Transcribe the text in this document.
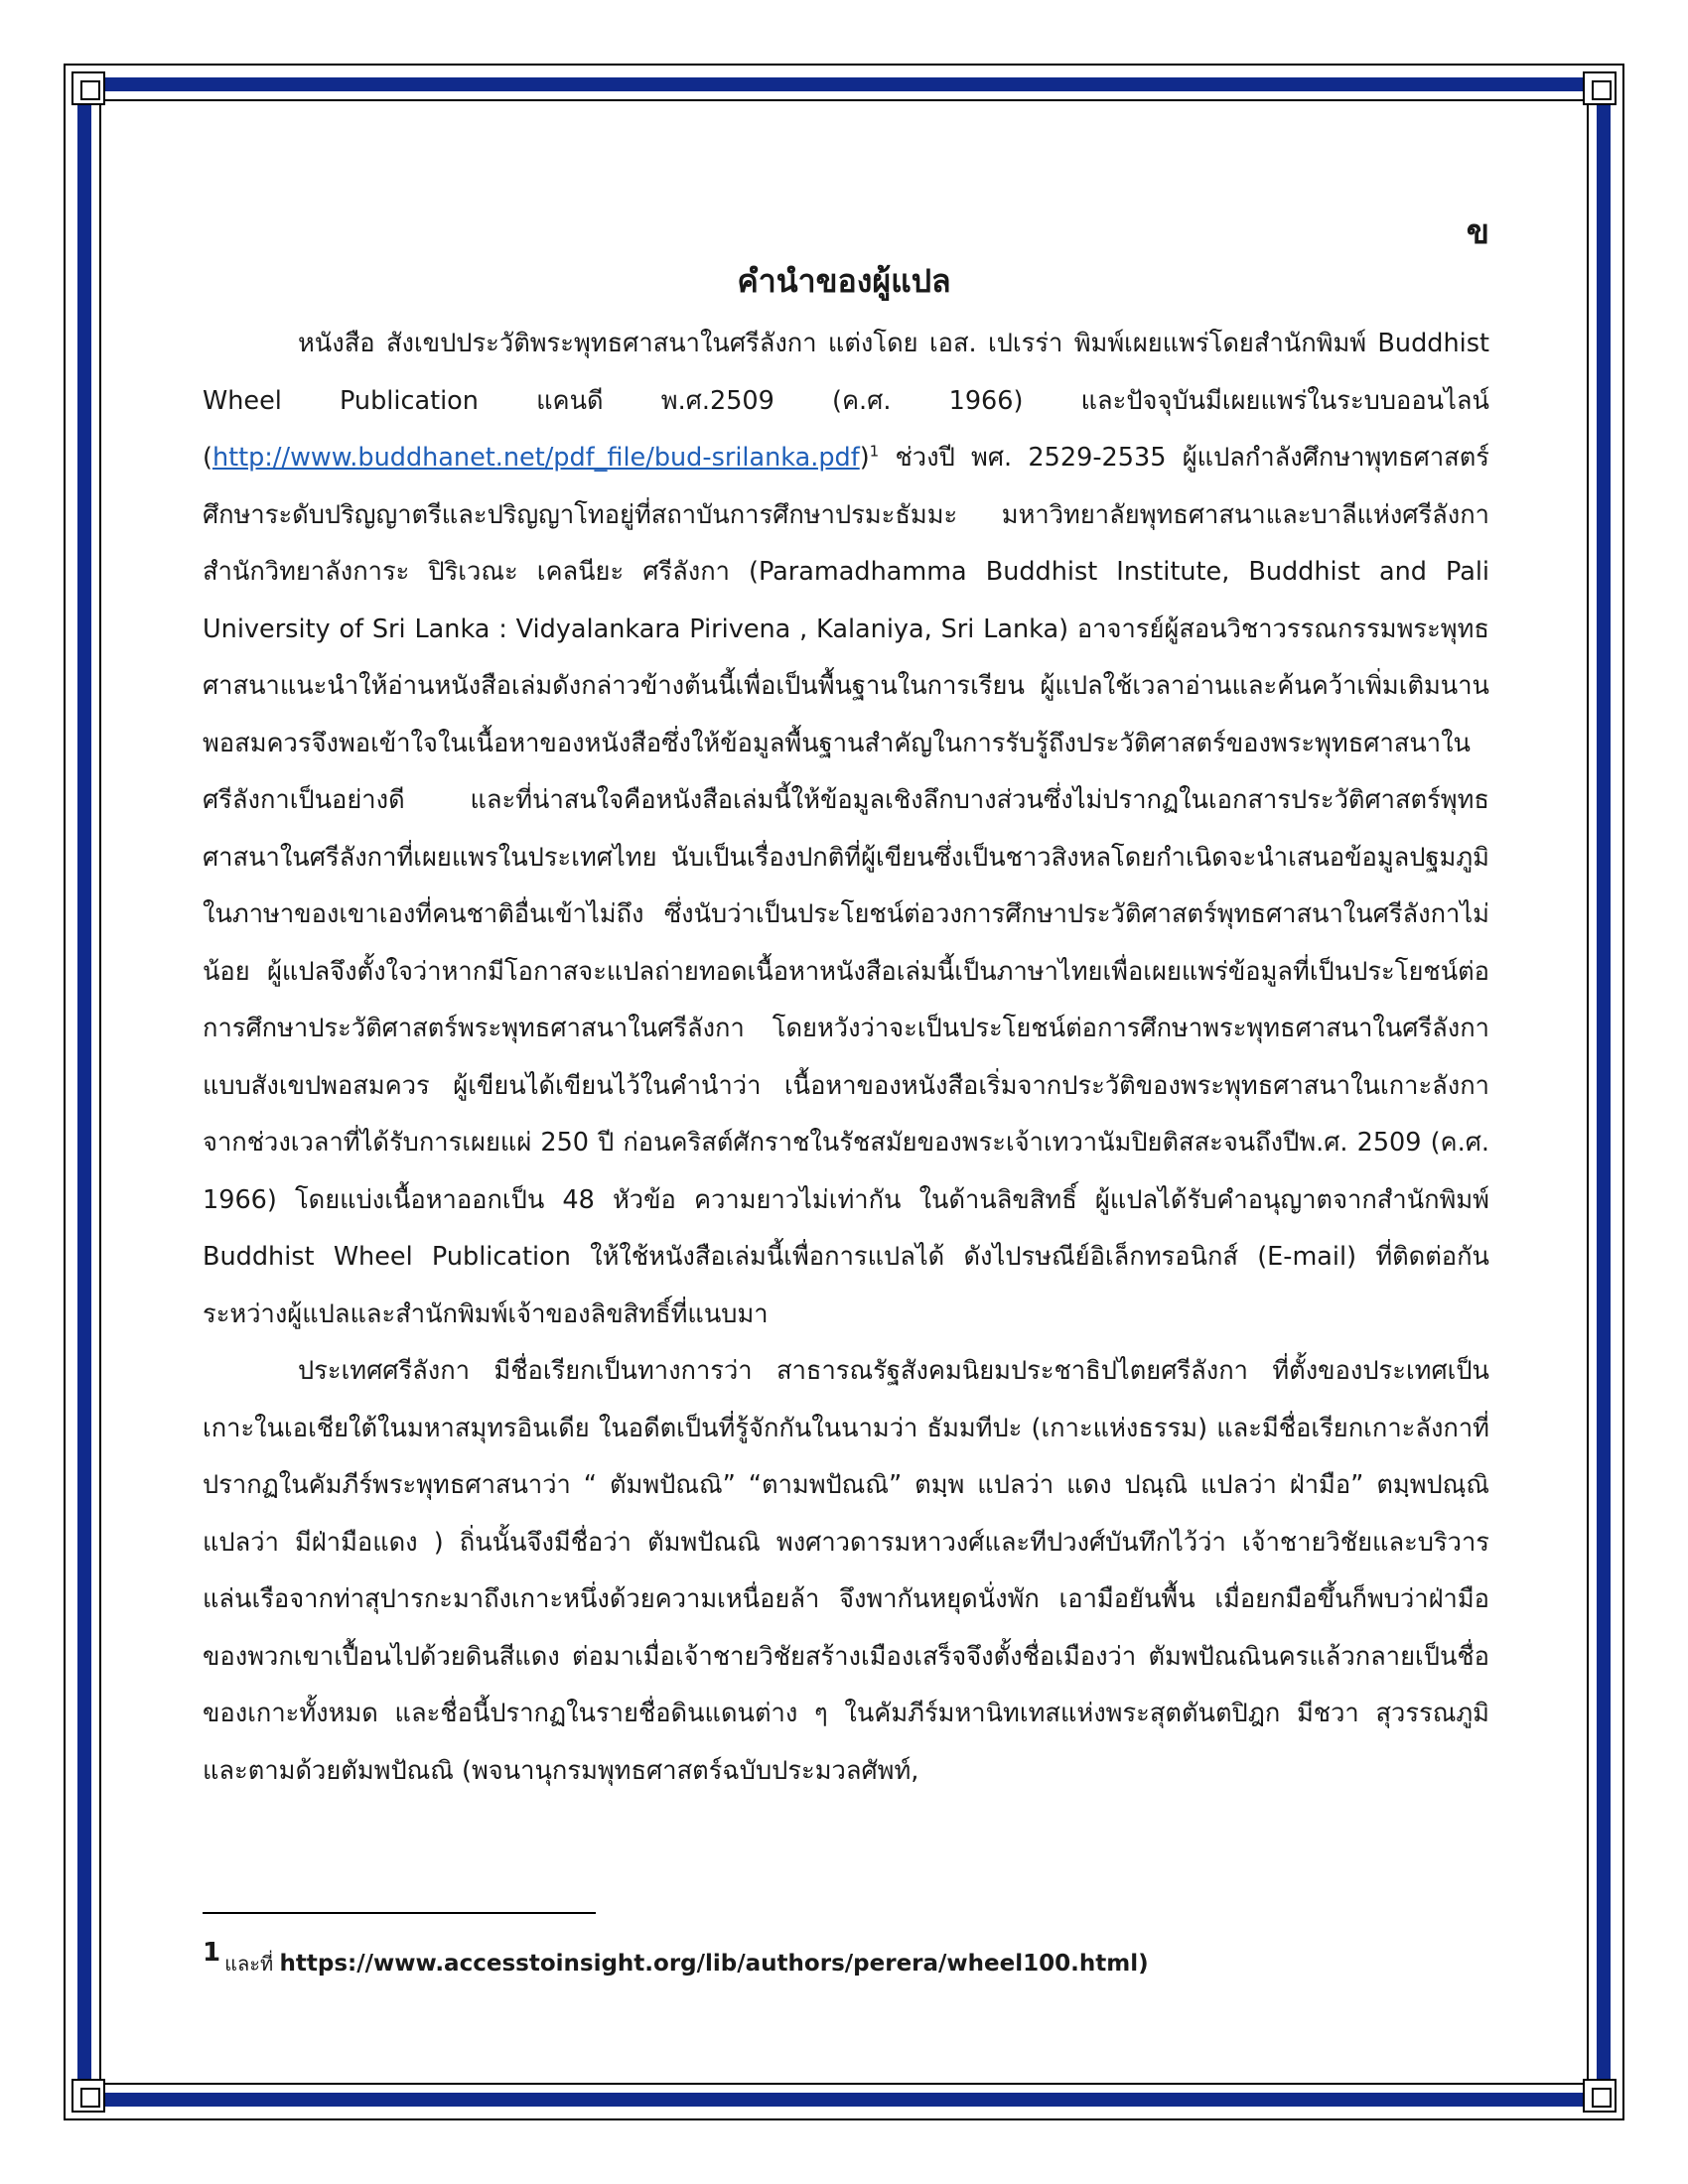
ข
คำนำของผู้แปล

หนังสือ สังเขปประวัติพระพุทธศาสนาในศรีลังกา แต่งโดย เอส. เปเรร่า พิมพ์เผยแพร่โดยสำนักพิมพ์ Buddhist Wheel Publication แคนดี พ.ศ.2509 (ค.ศ. 1966) และปัจจุบันมีเผยแพร่ในระบบออนไลน์ (http://www.buddhanet.net/pdf_file/bud-srilanka.pdf)$^1$ ช่วงปี พศ. 2529-2535 ผู้แปลกำลังศึกษาพุทธศาสตร์ศึกษาระดับปริญญาตรีและปริญญาโทอยู่ที่สถาบันการศึกษาปรมะธัมมะ มหาวิทยาลัยพุทธศาสนาและบาลีแห่งศรีลังกาสำนักวิทยาลังการะ ปิริเวณะ เคลนียะ ศรีลังกา (Paramadhamma Buddhist Institute, Buddhist and Pali University of Sri Lanka : Vidyalankara Pirivena , Kalaniya, Sri Lanka) อาจารย์ผู้สอนวิชาวรรณกรรมพระพุทธศาสนาแนะนำให้อ่านหนังสือเล่มดังกล่าวข้างต้นนี้เพื่อเป็นพื้นฐานในการเรียน ผู้แปลใช้เวลาอ่านและค้นคว้าเพิ่มเติมนานพอสมควรจึงพอเข้าใจในเนื้อหาของหนังสือซึ่งให้ข้อมูลพื้นฐานสำคัญในการรับรู้ถึงประวัติศาสตร์ของพระพุทธศาสนาในศรีลังกาเป็นอย่างดี และที่น่าสนใจคือหนังสือเล่มนี้ให้ข้อมูลเชิงลึกบางส่วนซึ่งไม่ปรากฏในเอกสารประวัติศาสตร์พุทธศาสนาในศรีลังกาที่เผยแพรในประเทศไทย นับเป็นเรื่องปกติที่ผู้เขียนซึ่งเป็นชาวสิงหลโดยกำเนิดจะนำเสนอข้อมูลปฐมภูมิในภาษาของเขาเองที่คนชาติอื่นเข้าไม่ถึง ซึ่งนับว่าเป็นประโยชน์ต่อวงการศึกษาประวัติศาสตร์พุทธศาสนาในศรีลังกาไม่น้อย ผู้แปลจึงตั้งใจว่าหากมีโอกาสจะแปลถ่ายทอดเนื้อหาหนังสือเล่มนี้เป็นภาษาไทยเพื่อเผยแพร่ข้อมูลที่เป็นประโยชน์ต่อการศึกษาประวัติศาสตร์พระพุทธศาสนาในศรีลังกา โดยหวังว่าจะเป็นประโยชน์ต่อการศึกษาพระพุทธศาสนาในศรีลังกาแบบสังเขปพอสมควร ผู้เขียนได้เขียนไว้ในคำนำว่า เนื้อหาของหนังสือเริ่มจากประวัติของพระพุทธศาสนาในเกาะลังกาจากช่วงเวลาที่ได้รับการเผยแผ่ 250 ปี ก่อนคริสต์ศักราชในรัชสมัยของพระเจ้าเทวานัมปิยติสสะจนถึงปีพ.ศ. 2509 (ค.ศ. 1966) โดยแบ่งเนื้อหาออกเป็น 48 หัวข้อ ความยาวไม่เท่ากัน ในด้านลิขสิทธิ์ ผู้แปลได้รับคำอนุญาตจากสำนักพิมพ์ Buddhist Wheel Publication ให้ใช้หนังสือเล่มนี้เพื่อการแปลได้ ดังไปรษณีย์อิเล็กทรอนิกส์ (E-mail) ที่ติดต่อกันระหว่างผู้แปลและสำนักพิมพ์เจ้าของลิขสิทธิ์ที่แนบมา

ประเทศศรีลังกา มีชื่อเรียกเป็นทางการว่า สาธารณรัฐสังคมนิยมประชาธิปไตยศรีลังกา ที่ตั้งของประเทศเป็นเกาะในเอเชียใต้ในมหาสมุทรอินเดีย ในอดีตเป็นที่รู้จักกันในนามว่า ธัมมทีปะ (เกาะแห่งธรรม) และมีชื่อเรียกเกาะลังกาที่ปรากฏในคัมภีร์พระพุทธศาสนาว่า “ ตัมพปัณณิ” “ตามพปัณณิ” ตมฺพ แปลว่า แดง ปณฺณิ แปลว่า ฝ่ามือ” ตมฺพปณฺณิ แปลว่า มีฝ่ามือแดง ) ถิ่นนั้นจึงมีชื่อว่า ตัมพปัณณิ พงศาวดารมหาวงศ์และทีปวงศ์บันทึกไว้ว่า เจ้าชายวิชัยและบริวารแล่นเรือจากท่าสุปารกะมาถึงเกาะหนึ่งด้วยความเหนื่อยล้า จึงพากันหยุดนั่งพัก เอามือยันพื้น เมื่อยกมือขึ้นก็พบว่าฝ่ามือของพวกเขาเปื้อนไปด้วยดินสีแดง ต่อมาเมื่อเจ้าชายวิชัยสร้างเมืองเสร็จจึงตั้งชื่อเมืองว่า ตัมพปัณณินครแล้วกลายเป็นชื่อของเกาะทั้งหมด และชื่อนี้ปรากฏในรายชื่อดินแดนต่าง ๆ ในคัมภีร์มหานิทเทสแห่งพระสุตตันตปิฎก มีชวา สุวรรณภูมิและตามด้วยตัมพปัณณิ (พจนานุกรมพุทธศาสตร์ฉบับประมวลศัพท์,

1 และที่ https://www.accesstoinsight.org/lib/authors/perera/wheel100.html)
